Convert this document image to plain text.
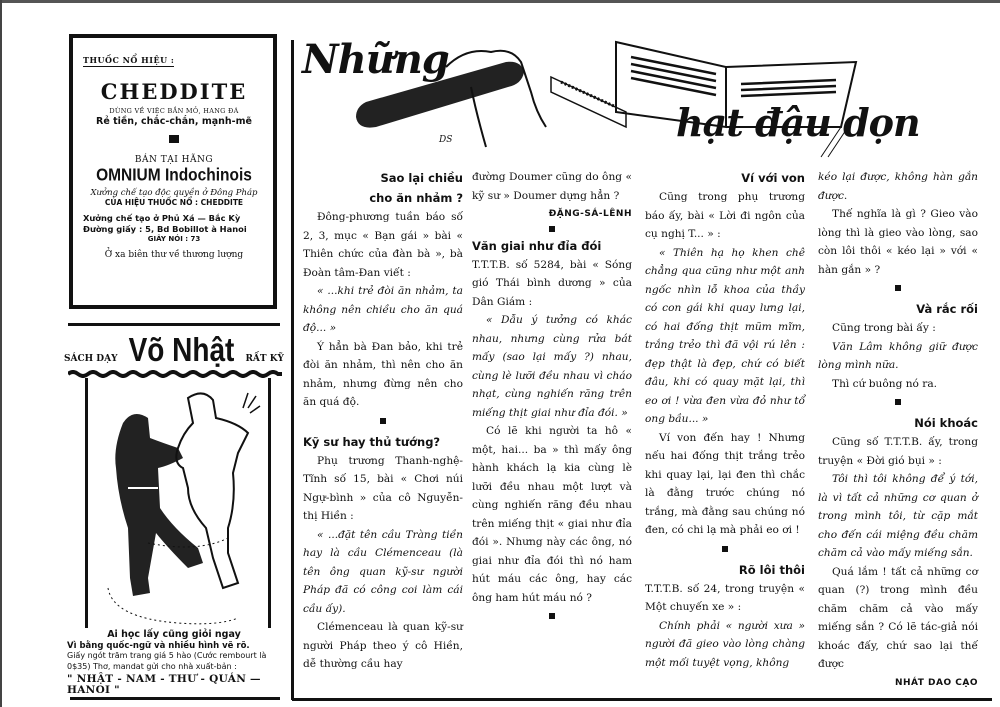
THUỐC NỔ HIỆU :
CHEDDITE
DÙNG VỀ VIỆC BẮN MỎ, HANG ĐÁ
Rẻ tiền, chắc-chắn, mạnh-mẽ
BÁN TẠI HÃNG
OMNIUM Indochinois
Xưởng chế tạo độc quyền ở Đông Pháp
CỦA HIỆU THUỐC NỔ : CHEDDITE
Xưởng chế tạo ở Phủ Xá — Bắc Kỳ
Đường giấy : 5, Bd Bobillot à Hanoi
GIÂY NÓI : 73
Ở xa biên thư về thương lượng
SÁCH DẠY Võ Nhật RẤT KỸ
Ai học lấy cũng giỏi ngay
Vì bằng quốc-ngữ và nhiều hình vẽ rõ.
Giấy ngót trăm trang giá 5 hào (Cước rembourt là 0$35) Thơ, mandat gửi cho nhà xuất-bản :
" NHẬT - NAM - THƯ - QUÁN — HANOI "
Những
hạt đậu dọn
DS
Sao lại chiều
cho ăn nhảm ?

Đông-phương tuần báo số 2, 3, mục « Bạn gái » bài « Thiên chức của đàn bà », bà Đoàn tâm-Đan viết :

« ...khi trẻ đòi ăn nhảm, ta không nên chiều cho ăn quá độ... »

Ý hẳn bà Đan bảo, khi trẻ đòi ăn nhảm, thì nên cho ăn nhảm, nhưng đừng nên cho ăn quá độ.

Kỹ sư hay thủ tướng?

Phụ trương Thanh-nghệ-Tĩnh số 15, bài « Chơi núi Ngự-bình » của cô Nguyễn-thị Hiền :

« ...đặt tên cầu Tràng tiền hay là cầu Clémenceau (là tên ông quan kỹ-sư người Pháp đã có công coi làm cái cầu ấy).

Clémenceau là quan kỹ-sư người Pháp theo ý cô Hiền, dễ thường cầu hay

đường Doumer cũng do ông « kỹ sư » Doumer dựng hẳn ?

ĐẶNG-SÁ-LÊNH
Văn giai như đỉa đói

T.T.T.B. số 5284, bài « Sóng gió Thái bình dương » của Dân Giám :

« Dẫu ý tưởng có khác nhau, nhưng cùng rửa bát mấy (sao lại mấy ?) nhau, cùng lè lưỡi đều nhau vì cháo nhạt, cùng nghiến răng trên miếng thịt giai như đỉa đói. »

Có lẽ khi người ta hô « một, hai... ba » thì mấy ông hành khách lạ kia cùng lè lưỡi đều nhau một lượt và cùng nghiến răng đều nhau trên miếng thịt « giai như đỉa đói ». Nhưng này các ông, nó giai như đỉa đói thì nó ham hút máu các ông, hay các ông ham hút máu nó ?

Ví với von

Cũng trong phụ trương báo ấy, bài « Lời đi ngôn của cụ nghị T... » :

« Thiên hạ họ khen chê chẳng qua cũng như một anh ngốc nhìn lỗ khoa của thầy có con gái khi quay lưng lại, có hai đống thịt mũm mĩm, trắng trẻo thì đã vội rú lên : đẹp thật là đẹp, chứ có biết đâu, khi có quay mặt lại, thì eo ơi ! vừa đen vừa đỏ như tổ ong bầu... »

Ví von đến hay ! Nhưng nếu hai đống thịt trắng trẻo khi quay lại, lại đen thì chắc là đằng trước chúng nó trắng, mà đằng sau chúng nó đen, có chi lạ mà phải eo ơi !

Rõ lôi thôi

T.T.T.B. số 24, trong truyện « Một chuyến xe » :

Chính phải « người xưa » người đã gieo vào lòng chàng một mối tuyệt vọng, không

kéo lại được, không hàn gắn được.

Thế nghĩa là gì ? Gieo vào lòng thì là gieo vào lòng, sao còn lôi thôi « kéo lại » với « hàn gắn » ?

Và rắc rối

Cũng trong bài ấy :

Văn Lâm không giữ được lòng mình nữa.

Thì cứ buông nó ra.

Nói khoác

Cũng số T.T.T.B. ấy, trong truyện « Đời gió bụi » :

Tôi thì tôi không để ý tới, là vì tất cả những cơ quan ở trong mình tôi, từ cặp mắt cho đến cái miệng đều chăm chăm cả vào mấy miếng sắn.

Quá lắm ! tất cả những cơ quan (?) trong mình đều chăm chăm cả vào mấy miếng sắn ? Có lẽ tác-giả nói khoác đấy, chứ sao lại thế được

NHÁT DAO CẠO
